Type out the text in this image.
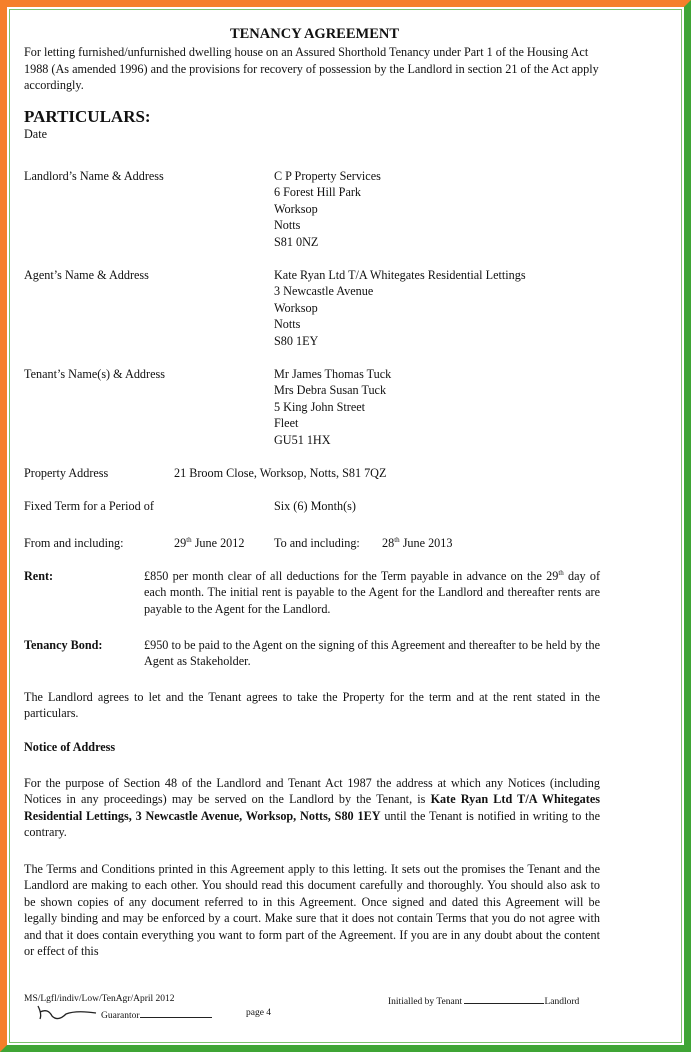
TENANCY AGREEMENT
For letting furnished/unfurnished dwelling house on an Assured Shorthold Tenancy under Part 1 of the Housing Act 1988 (As amended 1996) and the provisions for recovery of possession by the Landlord in section 21 of the Act apply accordingly.
PARTICULARS:
Date
Landlord’s Name & Address	C P Property Services
6 Forest Hill Park
Worksop
Notts
S81 0NZ
Agent’s Name & Address	Kate Ryan Ltd T/A Whitegates Residential Lettings
3 Newcastle Avenue
Worksop
Notts
S80 1EY
Tenant’s Name(s) & Address	Mr James Thomas Tuck
Mrs Debra Susan Tuck
5 King John Street
Fleet
GU51 1HX
Property Address	21 Broom Close, Worksop, Notts, S81 7QZ
Fixed Term for a Period of	Six (6) Month(s)
From and including:	29th June 2012 To and including: 28th June 2013
Rent:	£850 per month clear of all deductions for the Term payable in advance on the 29th day of each month. The initial rent is payable to the Agent for the Landlord and thereafter rents are payable to the Agent for the Landlord.
Tenancy Bond:	£950 to be paid to the Agent on the signing of this Agreement and thereafter to be held by the Agent as Stakeholder.
The Landlord agrees to let and the Tenant agrees to take the Property for the term and at the rent stated in the particulars.
Notice of Address
For the purpose of Section 48 of the Landlord and Tenant Act 1987 the address at which any Notices (including Notices in any proceedings) may be served on the Landlord by the Tenant, is Kate Ryan Ltd T/A Whitegates Residential Lettings, 3 Newcastle Avenue, Worksop, Notts, S80 1EY until the Tenant is notified in writing to the contrary.
The Terms and Conditions printed in this Agreement apply to this letting. It sets out the promises the Tenant and the Landlord are making to each other. You should read this document carefully and thoroughly. You should also ask to be shown copies of any document referred to in this Agreement. Once signed and dated this Agreement will be legally binding and may be enforced by a court. Make sure that it does not contain Terms that you do not agree with and that it does contain everything you want to form part of the Agreement. If you are in any doubt about the content or effect of this
MS/Lgfl/indiv/Low/TenAgr/April 2012	Initialled by Tenant	Landlord
Guarantor	page 4
